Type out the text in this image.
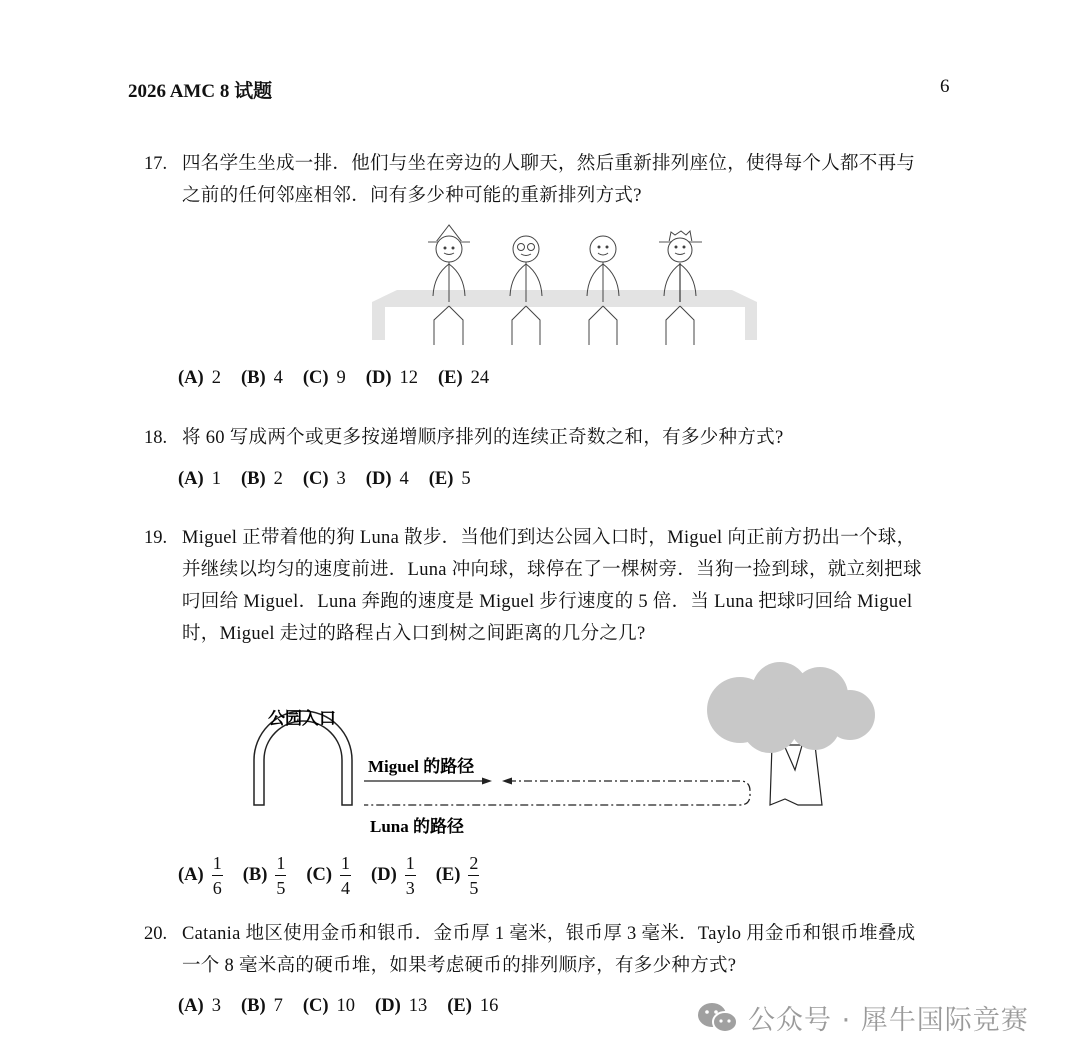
2026 AMC 8 试题	6
17. 四名学生坐成一排．他们与坐在旁边的人聊天，然后重新排列座位，使得每个人都不再与
之前的任何邻座相邻．问有多少种可能的重新排列方式?
(A) 2 (B) 4 (C) 9 (D) 12 (E) 24
18. 将 60 写成两个或更多按递增顺序排列的连续正奇数之和，有多少种方式?
(A) 1 (B) 2 (C) 3 (D) 4 (E) 5
19. Miguel 正带着他的狗 Luna 散步．当他们到达公园入口时，Miguel 向正前方扔出一个球，
并继续以均匀的速度前进．Luna 冲向球，球停在了一棵树旁．当狗一捡到球，就立刻把球
叼回给 Miguel．Luna 奔跑的速度是 Miguel 步行速度的 5 倍．当 Luna 把球叼回给 Miguel
时，Miguel 走过的路程占入口到树之间距离的几分之几?
公园入口
Miguel 的路径
Luna 的路径
$(A) \frac{1}{6} (B) \frac{1}{5} (C) \frac{1}{4} (D) \frac{1}{3} (E) \frac{2}{5}$
20. Catania 地区使用金币和银币．金币厚 1 毫米，银币厚 3 毫米．Taylo 用金币和银币堆叠成
一个 8 毫米高的硬币堆，如果考虑硬币的排列顺序，有多少种方式?
(A) 3 (B) 7 (C) 10 (D) 13 (E) 16	公众号 · 犀牛国际竞赛
